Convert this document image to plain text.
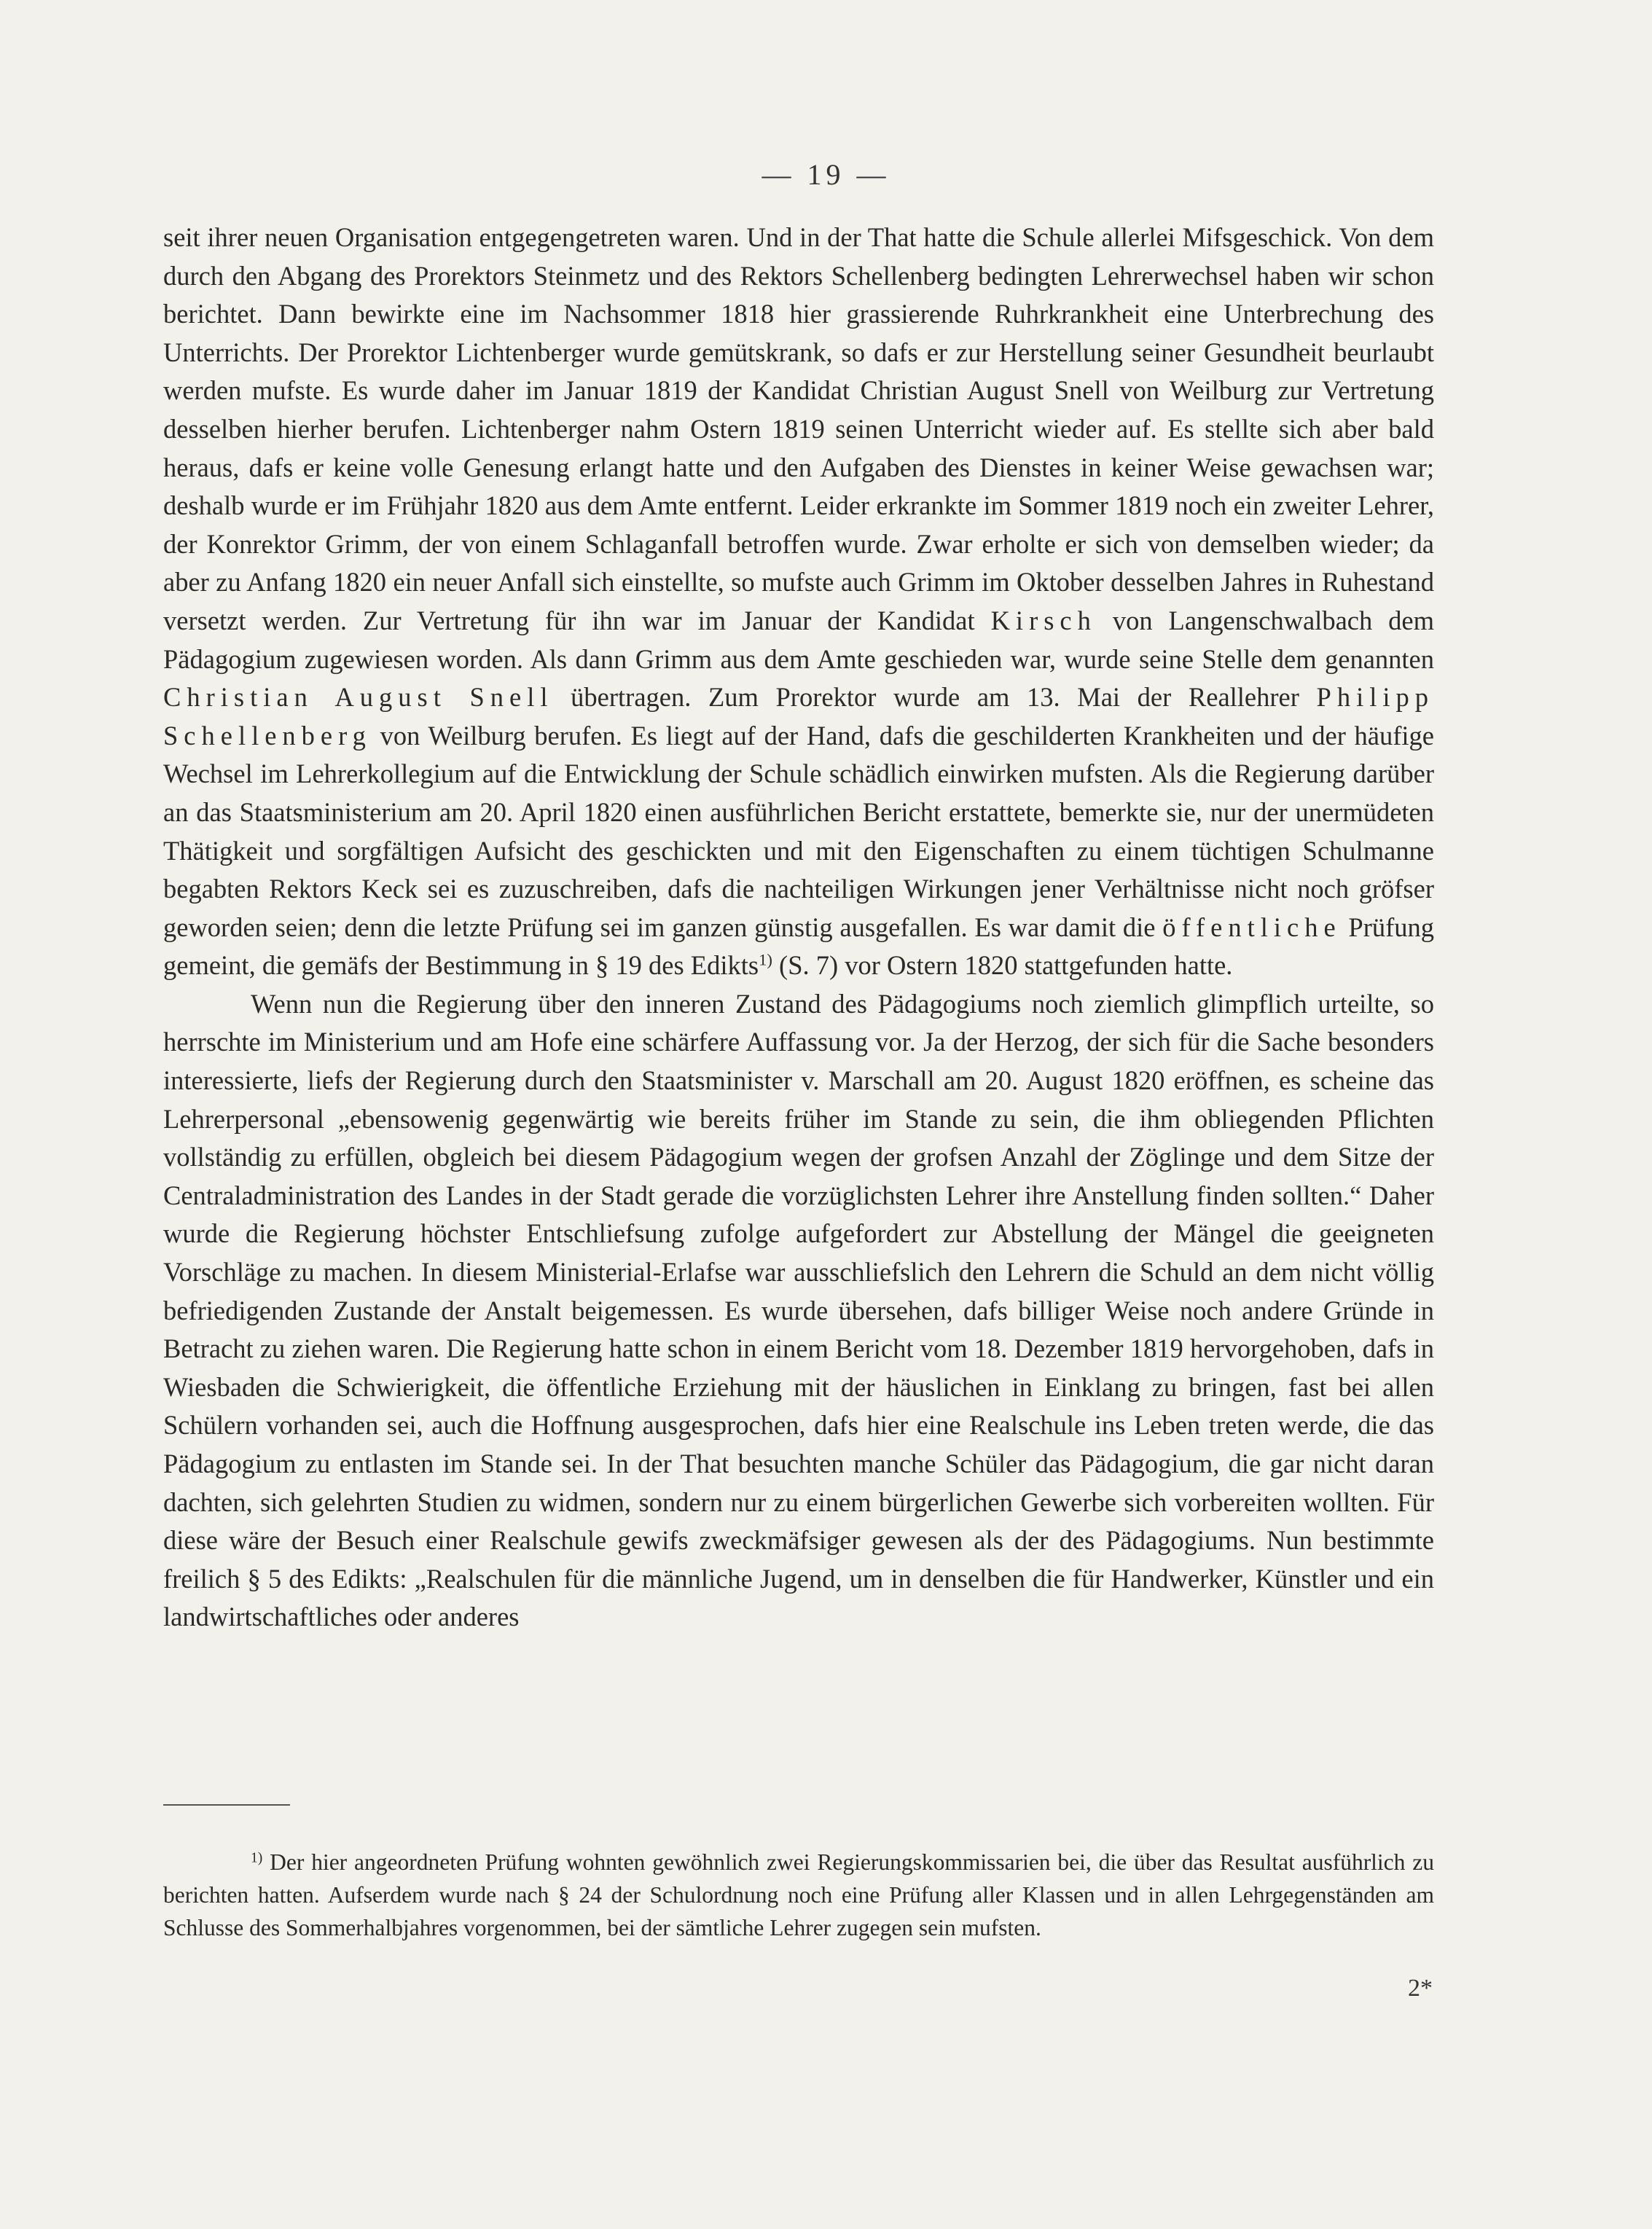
— 19 —

seit ihrer neuen Organisation entgegengetreten waren. Und in der That hatte die Schule allerlei Mifsgeschick. Von dem durch den Abgang des Prorektors Steinmetz und des Rektors Schellenberg bedingten Lehrerwechsel haben wir schon berichtet. Dann bewirkte eine im Nachsommer 1818 hier grassierende Ruhrkrankheit eine Unterbrechung des Unterrichts. Der Prorektor Lichtenberger wurde gemütskrank, so dafs er zur Herstellung seiner Gesundheit beurlaubt werden mufste. Es wurde daher im Januar 1819 der Kandidat Christian August Snell von Weilburg zur Vertretung desselben hierher berufen. Lichtenberger nahm Ostern 1819 seinen Unterricht wieder auf. Es stellte sich aber bald heraus, dafs er keine volle Genesung erlangt hatte und den Aufgaben des Dienstes in keiner Weise gewachsen war; deshalb wurde er im Frühjahr 1820 aus dem Amte entfernt. Leider erkrankte im Sommer 1819 noch ein zweiter Lehrer, der Konrektor Grimm, der von einem Schlaganfall betroffen wurde. Zwar erholte er sich von demselben wieder; da aber zu Anfang 1820 ein neuer Anfall sich einstellte, so mufste auch Grimm im Oktober desselben Jahres in Ruhestand versetzt werden. Zur Vertretung für ihn war im Januar der Kandidat Kirsch von Langenschwalbach dem Pädagogium zugewiesen worden. Als dann Grimm aus dem Amte geschieden war, wurde seine Stelle dem genannten Christian August Snell übertragen. Zum Prorektor wurde am 13. Mai der Reallehrer Philipp Schellenberg von Weilburg berufen. Es liegt auf der Hand, dafs die geschilderten Krankheiten und der häufige Wechsel im Lehrerkollegium auf die Entwicklung der Schule schädlich einwirken mufsten. Als die Regierung darüber an das Staatsministerium am 20. April 1820 einen ausführlichen Bericht erstattete, bemerkte sie, nur der unermüdeten Thätigkeit und sorgfältigen Aufsicht des geschickten und mit den Eigenschaften zu einem tüchtigen Schulmanne begabten Rektors Keck sei es zuzuschreiben, dafs die nachteiligen Wirkungen jener Verhältnisse nicht noch gröfser geworden seien; denn die letzte Prüfung sei im ganzen günstig ausgefallen. Es war damit die öffentliche Prüfung gemeint, die gemäfs der Bestimmung in § 19 des Edikts$^{1)}$ (S. 7) vor Ostern 1820 stattgefunden hatte.

Wenn nun die Regierung über den inneren Zustand des Pädagogiums noch ziemlich glimpflich urteilte, so herrschte im Ministerium und am Hofe eine schärfere Auffassung vor. Ja der Herzog, der sich für die Sache besonders interessierte, liefs der Regierung durch den Staatsminister v. Marschall am 20. August 1820 eröffnen, es scheine das Lehrerpersonal „ebensowenig gegenwärtig wie bereits früher im Stande zu sein, die ihm obliegenden Pflichten vollständig zu erfüllen, obgleich bei diesem Pädagogium wegen der grofsen Anzahl der Zöglinge und dem Sitze der Centraladministration des Landes in der Stadt gerade die vorzüglichsten Lehrer ihre Anstellung finden sollten.“ Daher wurde die Regierung höchster Entschliefsung zufolge aufgefordert zur Abstellung der Mängel die geeigneten Vorschläge zu machen. In diesem Ministerial-Erlafse war ausschliefslich den Lehrern die Schuld an dem nicht völlig befriedigenden Zustande der Anstalt beigemessen. Es wurde übersehen, dafs billiger Weise noch andere Gründe in Betracht zu ziehen waren. Die Regierung hatte schon in einem Bericht vom 18. Dezember 1819 hervorgehoben, dafs in Wiesbaden die Schwierigkeit, die öffentliche Erziehung mit der häuslichen in Einklang zu bringen, fast bei allen Schülern vorhanden sei, auch die Hoffnung ausgesprochen, dafs hier eine Realschule ins Leben treten werde, die das Pädagogium zu entlasten im Stande sei. In der That besuchten manche Schüler das Pädagogium, die gar nicht daran dachten, sich gelehrten Studien zu widmen, sondern nur zu einem bürgerlichen Gewerbe sich vorbereiten wollten. Für diese wäre der Besuch einer Realschule gewifs zweckmäfsiger gewesen als der des Pädagogiums. Nun bestimmte freilich § 5 des Edikts: „Realschulen für die männliche Jugend, um in denselben die für Handwerker, Künstler und ein landwirtschaftliches oder anderes

$^{1)}$ Der hier angeordneten Prüfung wohnten gewöhnlich zwei Regierungskommissarien bei, die über das Resultat ausführlich zu berichten hatten. Aufserdem wurde nach § 24 der Schulordnung noch eine Prüfung aller Klassen und in allen Lehrgegenständen am Schlusse des Sommerhalbjahres vorgenommen, bei der sämtliche Lehrer zugegen sein mufsten.

2*
